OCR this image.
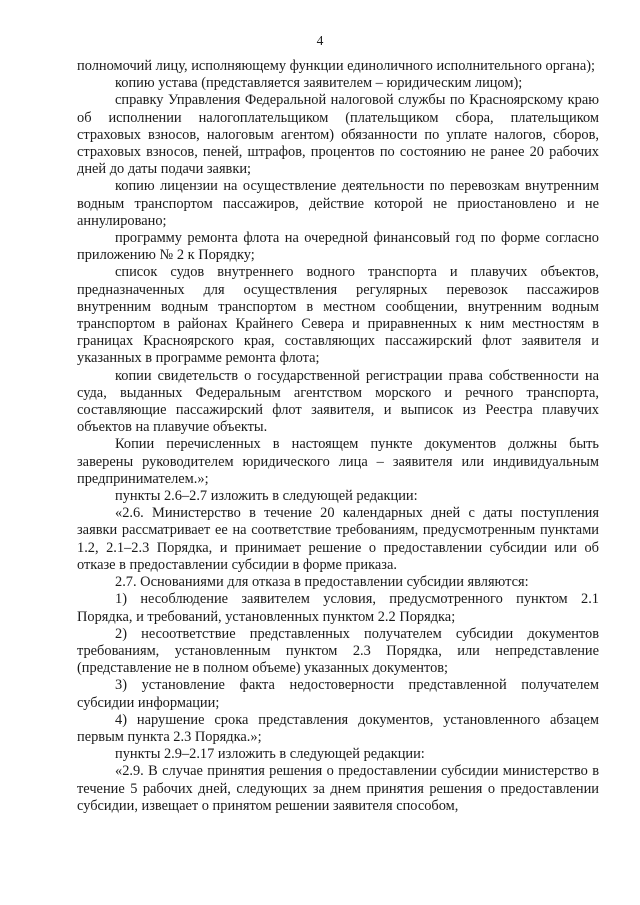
4

полномочий лицу, исполняющему функции единоличного исполнительного органа);

копию устава (представляется заявителем – юридическим лицом);

справку Управления Федеральной налоговой службы по Красноярскому краю об исполнении налогоплательщиком (плательщиком сбора, плательщиком страховых взносов, налоговым агентом) обязанности по уплате налогов, сборов, страховых взносов, пеней, штрафов, процентов по состоянию не ранее 20 рабочих дней до даты подачи заявки;

копию лицензии на осуществление деятельности по перевозкам внутренним водным транспортом пассажиров, действие которой не приостановлено и не аннулировано;

программу ремонта флота на очередной финансовый год по форме согласно приложению № 2 к Порядку;

список судов внутреннего водного транспорта и плавучих объектов, предназначенных для осуществления регулярных перевозок пассажиров внутренним водным транспортом в местном сообщении, внутренним водным транспортом в районах Крайнего Севера и приравненных к ним местностям в границах Красноярского края, составляющих пассажирский флот заявителя и указанных в программе ремонта флота;

копии свидетельств о государственной регистрации права собственности на суда, выданных Федеральным агентством морского и речного транспорта, составляющие пассажирский флот заявителя, и выписок из Реестра плавучих объектов на плавучие объекты.

Копии перечисленных в настоящем пункте документов должны быть заверены руководителем юридического лица – заявителя или индивидуальным предпринимателем.»;

пункты 2.6–2.7 изложить в следующей редакции:

«2.6. Министерство в течение 20 календарных дней с даты поступления заявки рассматривает ее на соответствие требованиям, предусмотренным пунктами 1.2, 2.1–2.3 Порядка, и принимает решение о предоставлении субсидии или об отказе в предоставлении субсидии в форме приказа.

2.7. Основаниями для отказа в предоставлении субсидии являются:

1) несоблюдение заявителем условия, предусмотренного пунктом 2.1 Порядка, и требований, установленных пунктом 2.2 Порядка;

2) несоответствие представленных получателем субсидии документов требованиям, установленным пунктом 2.3 Порядка, или непредставление (представление не в полном объеме) указанных документов;

3) установление факта недостоверности представленной получателем субсидии информации;

4) нарушение срока представления документов, установленного абзацем первым пункта 2.3 Порядка.»;

пункты 2.9–2.17 изложить в следующей редакции:

«2.9. В случае принятия решения о предоставлении субсидии министерство в течение 5 рабочих дней, следующих за днем принятия решения о предоставлении субсидии, извещает о принятом решении заявителя способом,
